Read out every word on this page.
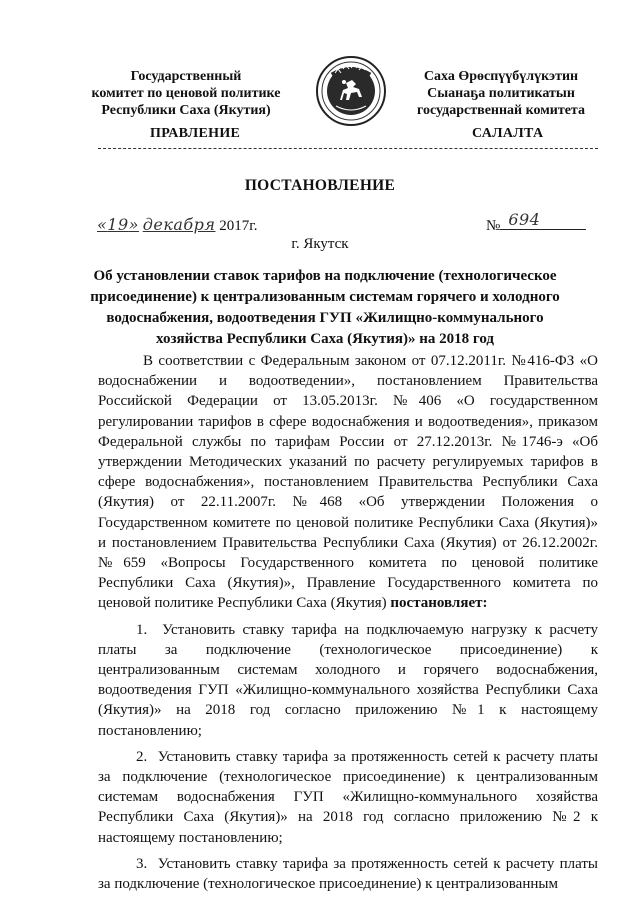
Государственный
комитет по ценовой политике
Республики Саха (Якутия)
Саха Өрөспүүбүлүкэтин
Сыанаҕа политикатын
государственнай комитета
ПРАВЛЕНИЕ	САЛАЛТА
ПОСТАНОВЛЕНИЕ
«19» декабря 2017г.	№ 694
г. Якутск
Об установлении ставок тарифов на подключение (технологическое
присоединение) к централизованным системам горячего и холодного
водоснабжения, водоотведения ГУП «Жилищно-коммунального
хозяйства Республики Саха (Якутия)» на 2018 год

В соответствии с Федеральным законом от 07.12.2011г. №416-ФЗ «О водоснабжении и водоотведении», постановлением Правительства Российской Федерации от 13.05.2013г. №406 «О государственном регулировании тарифов в сфере водоснабжения и водоотведения», приказом Федеральной службы по тарифам России от 27.12.2013г. №1746-э «Об утверждении Методических указаний по расчету регулируемых тарифов в сфере водоснабжения», постановлением Правительства Республики Саха (Якутия) от 22.11.2007г. №468 «Об утверждении Положения о Государственном комитете по ценовой политике Республики Саха (Якутия)» и постановлением Правительства Республики Саха (Якутия) от 26.12.2002г. №659 «Вопросы Государственного комитета по ценовой политике Республики Саха (Якутия)», Правление Государственного комитета по ценовой политике Республики Саха (Якутия) постановляет:

1. Установить ставку тарифа на подключаемую нагрузку к расчету платы за подключение (технологическое присоединение) к централизованным системам холодного и горячего водоснабжения, водоотведения ГУП «Жилищно-коммунального хозяйства Республики Саха (Якутия)» на 2018 год согласно приложению №1 к настоящему постановлению;

2. Установить ставку тарифа за протяженность сетей к расчету платы за подключение (технологическое присоединение) к централизованным системам водоснабжения ГУП «Жилищно-коммунального хозяйства Республики Саха (Якутия)» на 2018 год согласно приложению №2 к настоящему постановлению;

3. Установить ставку тарифа за протяженность сетей к расчету платы за подключение (технологическое присоединение) к централизованным
